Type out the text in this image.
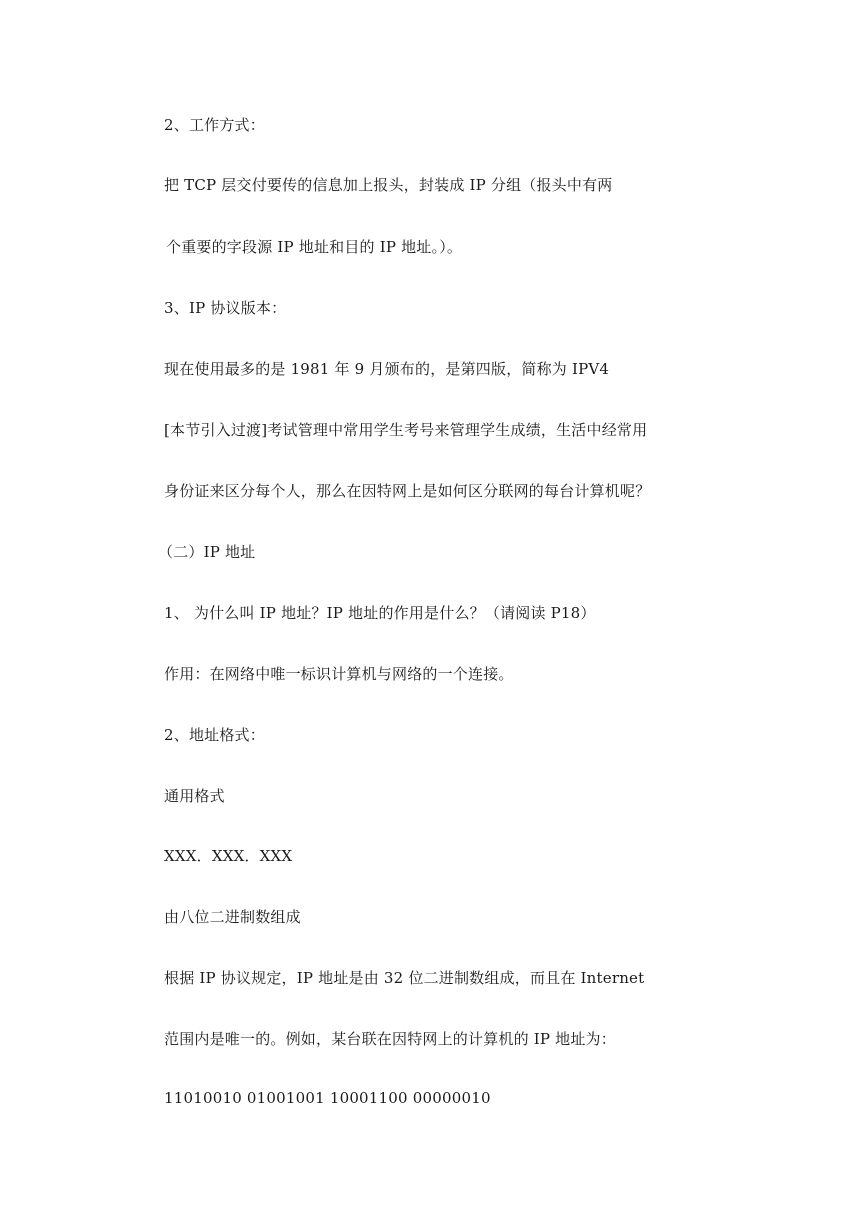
2、工作方式：
把 TCP 层交付要传的信息加上报头，封装成 IP 分组（报头中有两
个重要的字段源 IP 地址和目的 IP 地址。）。
3、IP 协议版本：
现在使用最多的是 1981 年 9 月颁布的，是第四版，简称为 IPV4
[本节引入过渡]考试管理中常用学生考号来管理学生成绩，生活中经常用
身份证来区分每个人，那么在因特网上是如何区分联网的每台计算机呢？
（二）IP 地址
1、 为什么叫 IP 地址？IP 地址的作用是什么？（请阅读 P18）
作用：在网络中唯一标识计算机与网络的一个连接。
2、地址格式：
通用格式
XXX．XXX．XXX
由八位二进制数组成
根据 IP 协议规定，IP 地址是由 32 位二进制数组成，而且在 Internet
范围内是唯一的。例如，某台联在因特网上的计算机的 IP 地址为：
11010010 01001001 10001100 00000010
